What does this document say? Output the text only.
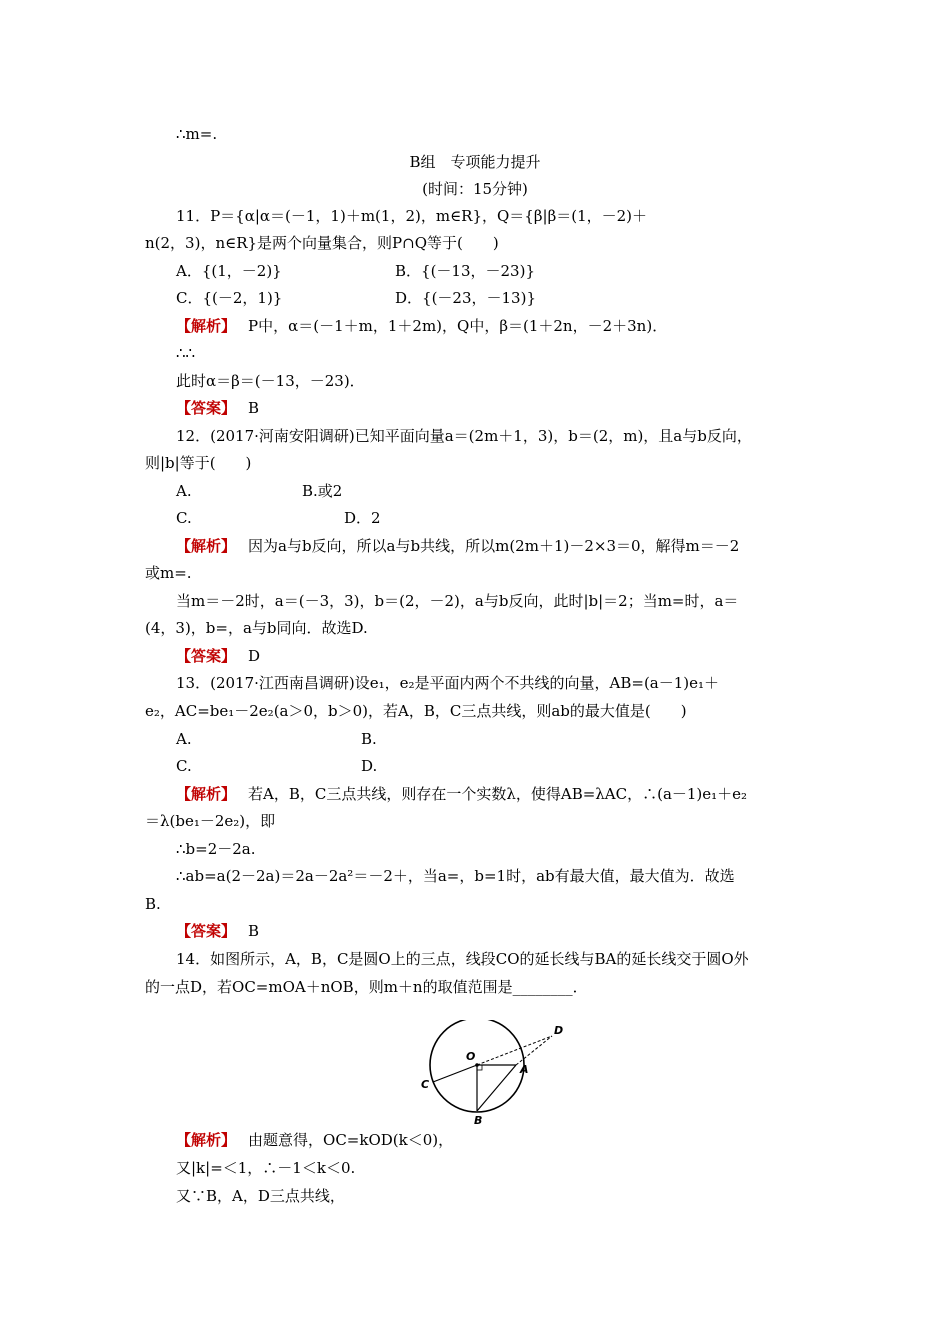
∴m=.
B组　专项能力提升
(时间：15分钟)
11．P＝{α|α＝(－1，1)＋m(1，2)，m∈R}，Q＝{β|β＝(1，－2)＋
n(2，3)，n∈R}是两个向量集合，则P∩Q等于(　　)
A．{(1，－2)}	B．{(－13，－23)}
C．{(－2，1)}	D．{(－23，－13)}
【解析】 P中，α＝(－1＋m，1＋2m)，Q中，β＝(1＋2n，－2＋3n)．
∴∴
此时α＝β＝(－13，－23)．
【答案】 B
12．(2017·河南安阳调研)已知平面向量a＝(2m＋1，3)，b＝(2，m)，且a与b反向，
则|b|等于(　　)
A.	B.或2
C.	D．2
【解析】 因为a与b反向，所以a与b共线，所以m(2m＋1)－2×3＝0，解得m＝－2
或m=.
当m＝－2时，a＝(－3，3)，b＝(2，－2)，a与b反向，此时|b|＝2；当m=时，a＝
(4，3)，b=，a与b同向．故选D.
【答案】 D
13．(2017·江西南昌调研)设e₁，e₂是平面内两个不共线的向量，AB=(a－1)e₁＋
e₂，AC=be₁－2e₂(a＞0，b＞0)，若A，B，C三点共线，则ab的最大值是(　　)
A.	B.
C.	D.
【解析】 若A，B，C三点共线，则存在一个实数λ，使得AB=λAC，∴(a－1)e₁＋e₂
＝λ(be₁－2e₂)，即
∴b=2－2a.
∴ab=a(2－2a)＝2a－2a²＝－2＋，当a=，b=1时，ab有最大值，最大值为．故选
B.
【答案】 B
14．如图所示，A，B，C是圆O上的三点，线段CO的延长线与BA的延长线交于圆O外
的一点D，若OC=mOA＋nOB，则m＋n的取值范围是________．
O
A
B
C
D
【解析】 由题意得，OC=kOD(k＜0)，
又|k|=＜1，∴－1＜k＜0.
又∵B，A，D三点共线，
